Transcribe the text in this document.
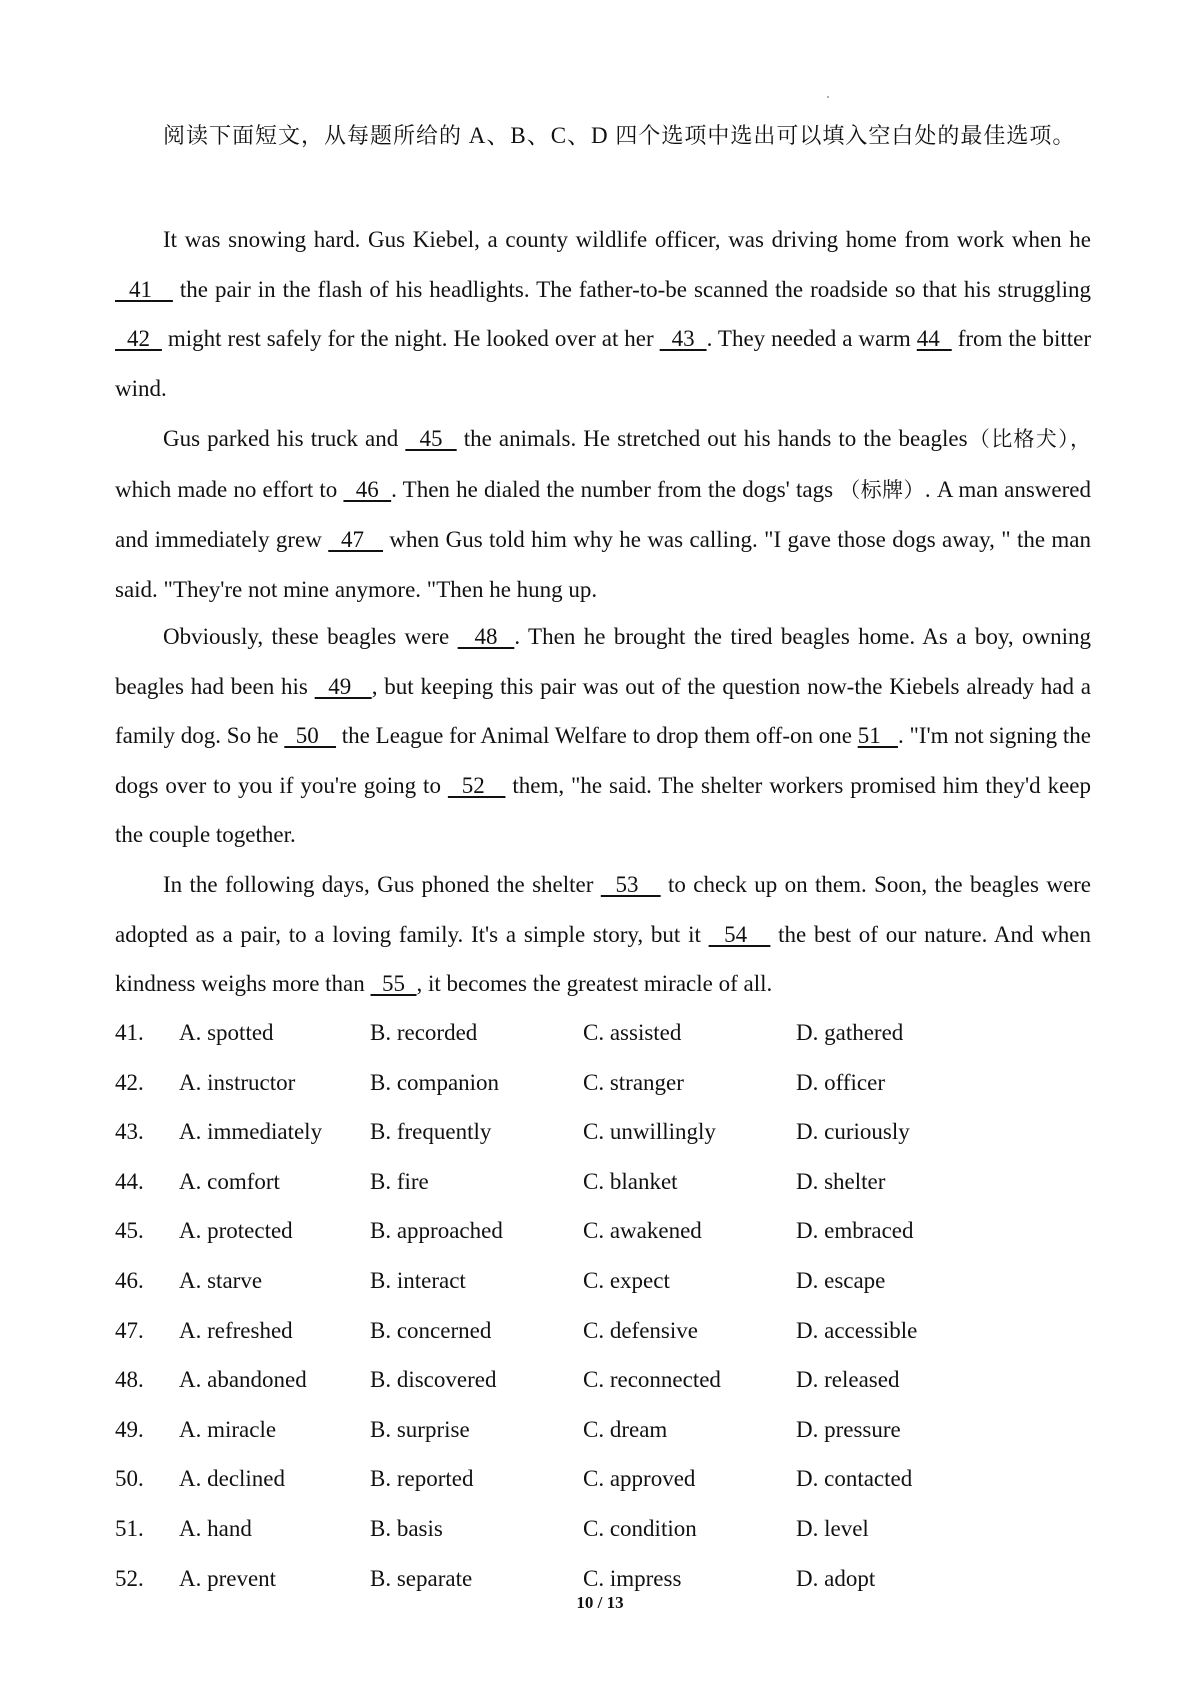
阅读下面短文，从每题所给的 A、B、C、D 四个选项中选出可以填入空白处的最佳选项。

It was snowing hard. Gus Kiebel, a county wildlife officer, was driving home from work when he   41    the pair in the flash of his headlights. The father-to-be scanned the roadside so that his struggling   42   might rest safely for the night. He looked over at her   43  . They needed a warm 44   from the bitter wind.

Gus parked his truck and   45   the animals. He stretched out his hands to the beagles（比格犬）， which made no effort to   46  . Then he dialed the number from the dogs' tags （标牌）. A man answered and immediately grew   47    when Gus told him why he was calling. "I gave those dogs away, " the man said. "They're not mine anymore. "Then he hung up.

Obviously, these beagles were   48  . Then he brought the tired beagles home. As a boy, owning beagles had been his   49   , but keeping this pair was out of the question now-the Kiebels already had a family dog. So he   50    the League for Animal Welfare to drop them off-on one 51   . "I'm not signing the dogs over to you if you're going to   52    them, "he said. The shelter workers promised him they'd keep the couple together.

In the following days, Gus phoned the shelter   53    to check up on them. Soon, the beagles were adopted as a pair, to a loving family. It's a simple story, but it   54    the best of our nature. And when kindness weighs more than   55  , it becomes the greatest miracle of all.

41. A. spotted	B. recorded	C. assisted	D. gathered
42. A. instructor	B. companion	C. stranger	D. officer
43. A. immediately B. frequently	C. unwillingly	D. curiously
44. A. comfort	B. fire	C. blanket	D. shelter
45. A. protected	B. approached	C. awakened	D. embraced
46. A. starve	B. interact	C. expect	D. escape
47. A. refreshed	B. concerned	C. defensive	D. accessible
48. A. abandoned	B. discovered	C. reconnected	D. released
49. A. miracle	B. surprise	C. dream	D. pressure
50. A. declined	B. reported	C. approved	D. contacted
51. A. hand	B. basis	C. condition	D. level
52. A. prevent	B. separate	C. impress	D. adopt
10 / 13
